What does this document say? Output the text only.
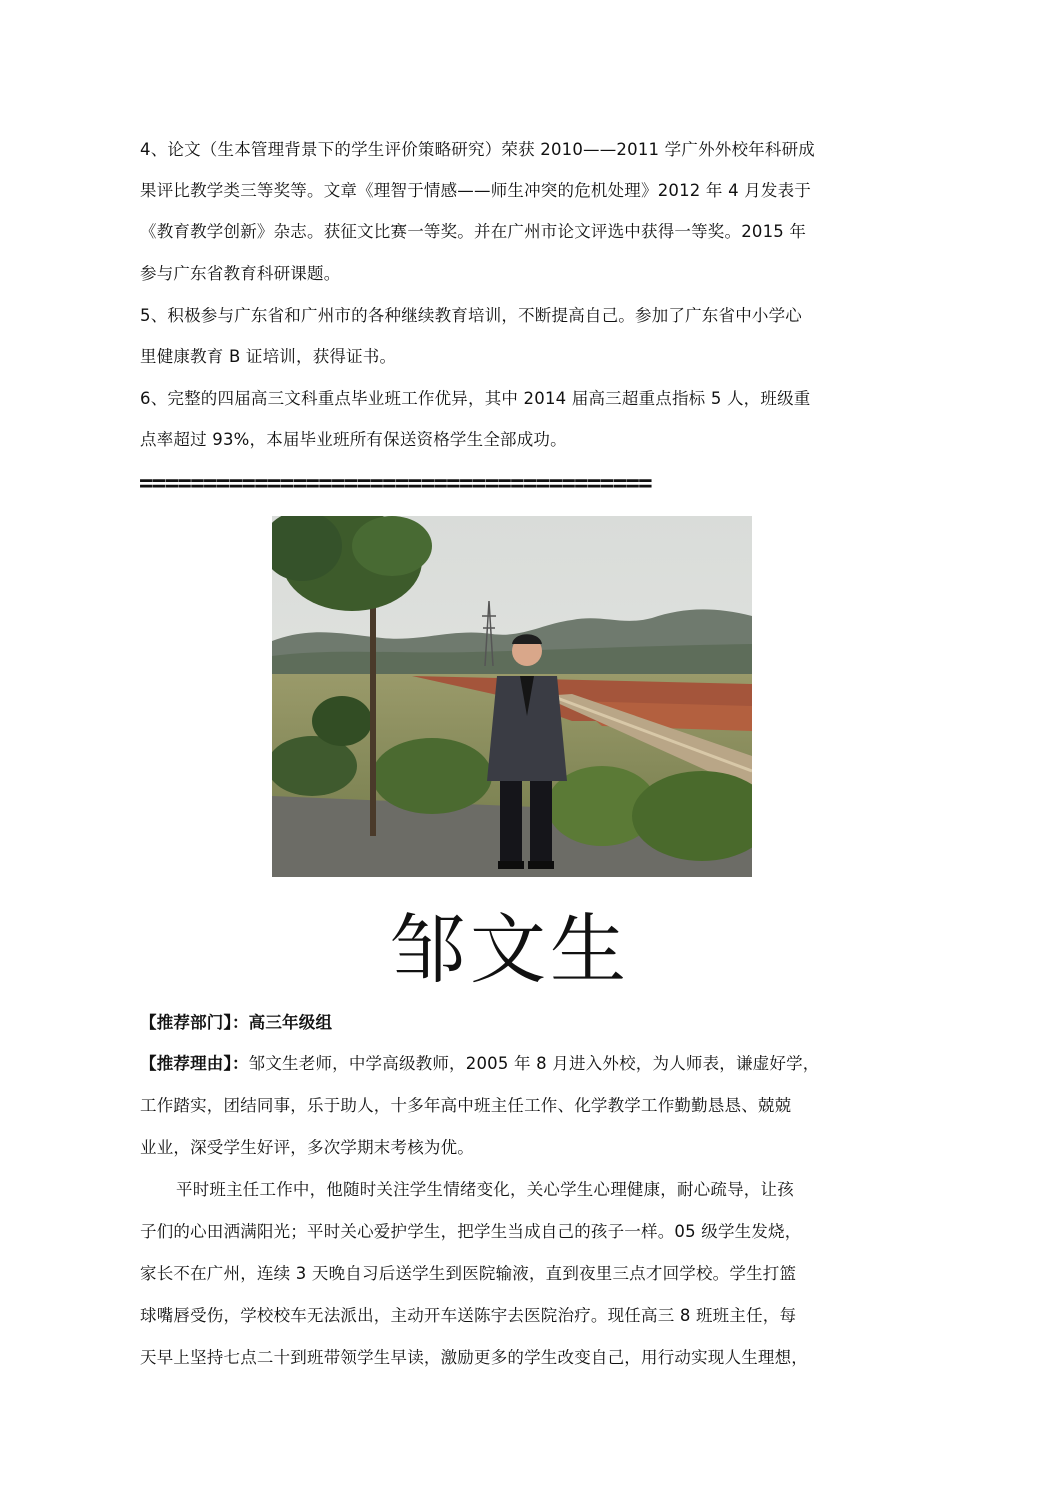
4、论文（生本管理背景下的学生评价策略研究）荣获 2010——2011 学广外外校年科研成
果评比教学类三等奖等。文章《理智于情感——师生冲突的危机处理》2012 年 4 月发表于
《教育教学创新》杂志。获征文比赛一等奖。并在广州市论文评选中获得一等奖。2015 年
参与广东省教育科研课题。
5、积极参与广东省和广州市的各种继续教育培训，不断提高自己。参加了广东省中小学心
里健康教育 B 证培训，获得证书。
6、完整的四届高三文科重点毕业班工作优异，其中 2014 届高三超重点指标 5 人，班级重
点率超过 93%，本届毕业班所有保送资格学生全部成功。
========================================
邹文生
【推荐部门】：高三年级组
【推荐理由】：邹文生老师，中学高级教师，2005 年 8 月进入外校，为人师表，谦虚好学，
工作踏实，团结同事，乐于助人，十多年高中班主任工作、化学教学工作勤勤恳恳、兢兢
业业，深受学生好评，多次学期末考核为优。
平时班主任工作中，他随时关注学生情绪变化，关心学生心理健康，耐心疏导，让孩
子们的心田洒满阳光；平时关心爱护学生，把学生当成自己的孩子一样。05 级学生发烧，
家长不在广州，连续 3 天晚自习后送学生到医院输液，直到夜里三点才回学校。学生打篮
球嘴唇受伤，学校校车无法派出，主动开车送陈宇去医院治疗。现任高三 8 班班主任，每
天早上坚持七点二十到班带领学生早读，激励更多的学生改变自己，用行动实现人生理想，
